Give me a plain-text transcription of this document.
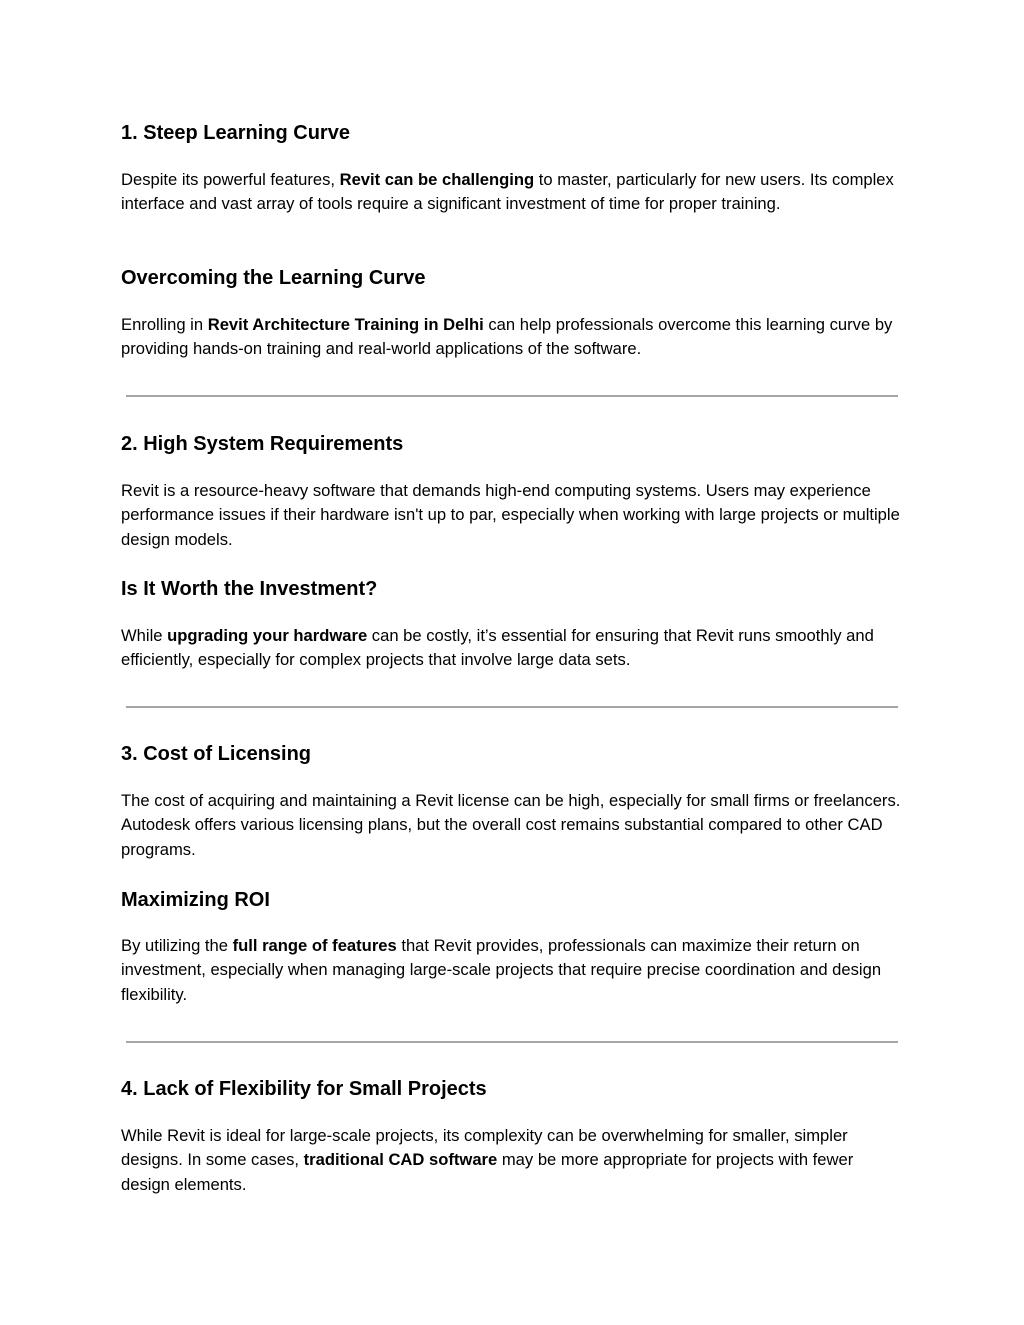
1. Steep Learning Curve

Despite its powerful features, Revit can be challenging to master, particularly for new users. Its complex interface and vast array of tools require a significant investment of time for proper training.

Overcoming the Learning Curve

Enrolling in Revit Architecture Training in Delhi can help professionals overcome this learning curve by providing hands-on training and real-world applications of the software.

2. High System Requirements

Revit is a resource-heavy software that demands high-end computing systems. Users may experience performance issues if their hardware isn't up to par, especially when working with large projects or multiple design models.

Is It Worth the Investment?

While upgrading your hardware can be costly, it’s essential for ensuring that Revit runs smoothly and efficiently, especially for complex projects that involve large data sets.

3. Cost of Licensing

The cost of acquiring and maintaining a Revit license can be high, especially for small firms or freelancers. Autodesk offers various licensing plans, but the overall cost remains substantial compared to other CAD programs.

Maximizing ROI

By utilizing the full range of features that Revit provides, professionals can maximize their return on investment, especially when managing large-scale projects that require precise coordination and design flexibility.

4. Lack of Flexibility for Small Projects

While Revit is ideal for large-scale projects, its complexity can be overwhelming for smaller, simpler designs. In some cases, traditional CAD software may be more appropriate for projects with fewer design elements.
